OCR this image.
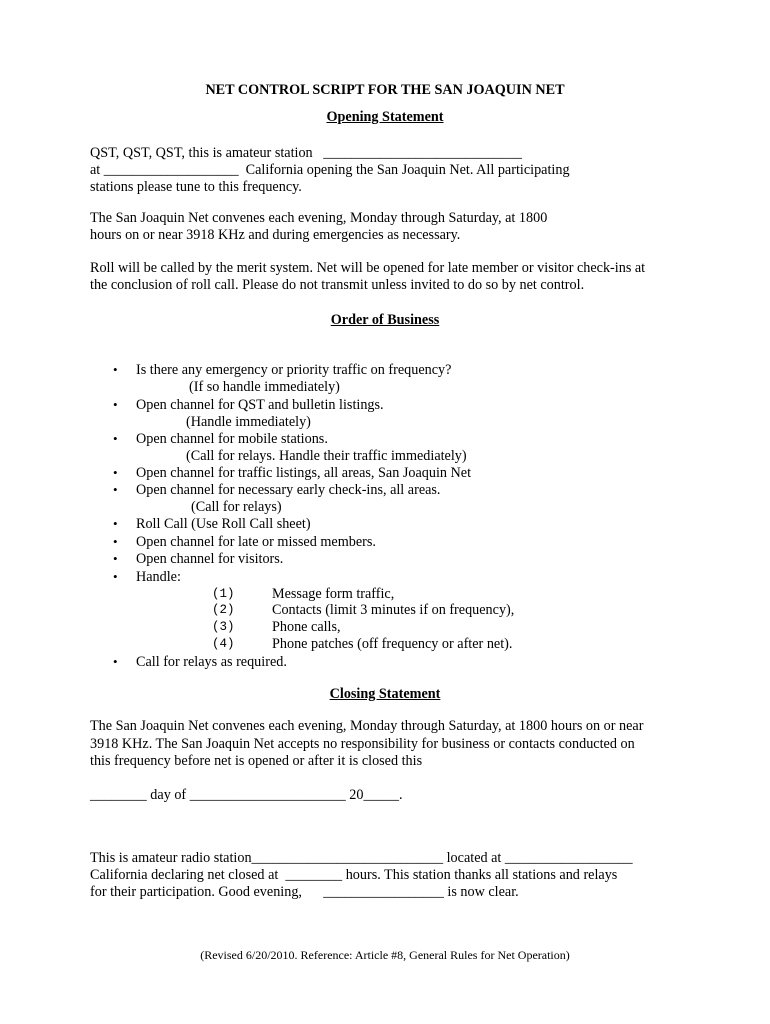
NET CONTROL SCRIPT FOR THE SAN JOAQUIN NET
Opening Statement
QST, QST, QST, this is amateur station   ____________________________
at ___________________  California opening the San Joaquin Net. All participating
stations please tune to this frequency.
The San Joaquin Net convenes each evening, Monday through Saturday, at 1800
hours on or near 3918 KHz and during emergencies as necessary.
Roll will be called by the merit system. Net will be opened for late member or visitor check-ins at
the conclusion of roll call. Please do not transmit unless invited to do so by net control.
Order of Business
• Is there any emergency or priority traffic on frequency?
(If so handle immediately)
• Open channel for QST and bulletin listings.
(Handle immediately)
• Open channel for mobile stations.
(Call for relays. Handle their traffic immediately)
• Open channel for traffic listings, all areas, San Joaquin Net
• Open channel for necessary early check-ins, all areas.
(Call for relays)
• Roll Call (Use Roll Call sheet)
• Open channel for late or missed members.
• Open channel for visitors.
• Handle:
(1)	Message form traffic,
(2)	Contacts (limit 3 minutes if on frequency),
(3)	Phone calls,
(4)	Phone patches (off frequency or after net).
• Call for relays as required.
Closing Statement
The San Joaquin Net convenes each evening, Monday through Saturday, at 1800 hours on or near
3918 KHz. The San Joaquin Net accepts no responsibility for business or contacts conducted on
this frequency before net is opened or after it is closed this
________ day of ______________________ 20_____.
This is amateur radio station___________________________ located at __________________
California declaring net closed at  ________ hours. This station thanks all stations and relays
for their participation. Good evening,      _________________ is now clear.
(Revised 6/20/2010. Reference: Article #8, General Rules for Net Operation)
